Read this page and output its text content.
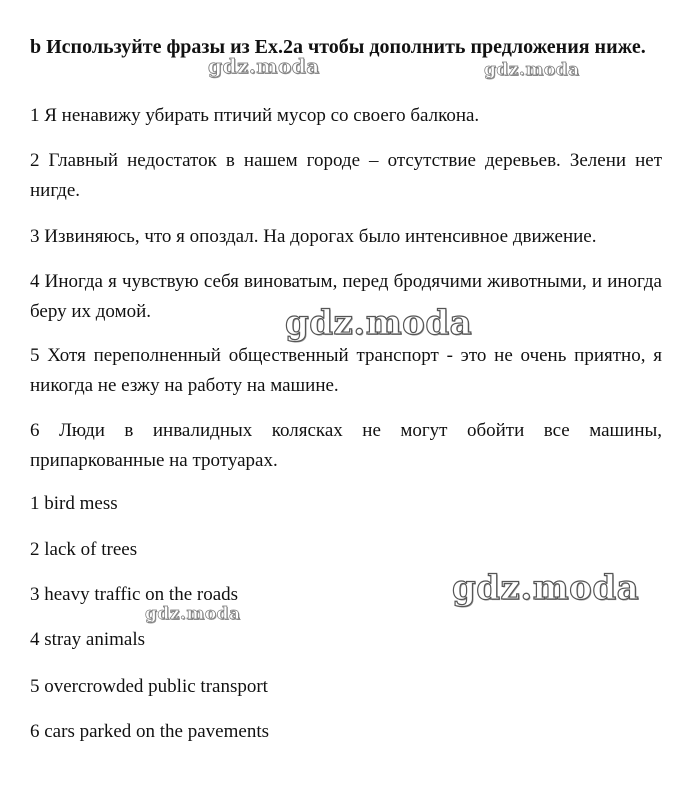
b Используйте фразы из Ex.2a чтобы дополнить предложения ниже.
1 Я ненавижу убирать птичий мусор со своего балкона.
2 Главный недостаток в нашем городе – отсутствие деревьев. Зелени нет нигде.
3 Извиняюсь, что я опоздал. На дорогах было интенсивное движение.
4 Иногда я чувствую себя виноватым, перед бродячими животными, и иногда беру их домой.
5 Хотя переполненный общественный транспорт - это не очень приятно, я никогда не езжу на работу на машине.
6 Люди в инвалидных колясках не могут обойти все машины, припаркованные на тротуарах.
1 bird mess
2 lack of trees
3 heavy traffic on the roads
4 stray animals
5 overcrowded public transport
6 cars parked on the pavements
gdz.moda	gdz.moda
gdz.moda
gdz.moda
gdz.moda
